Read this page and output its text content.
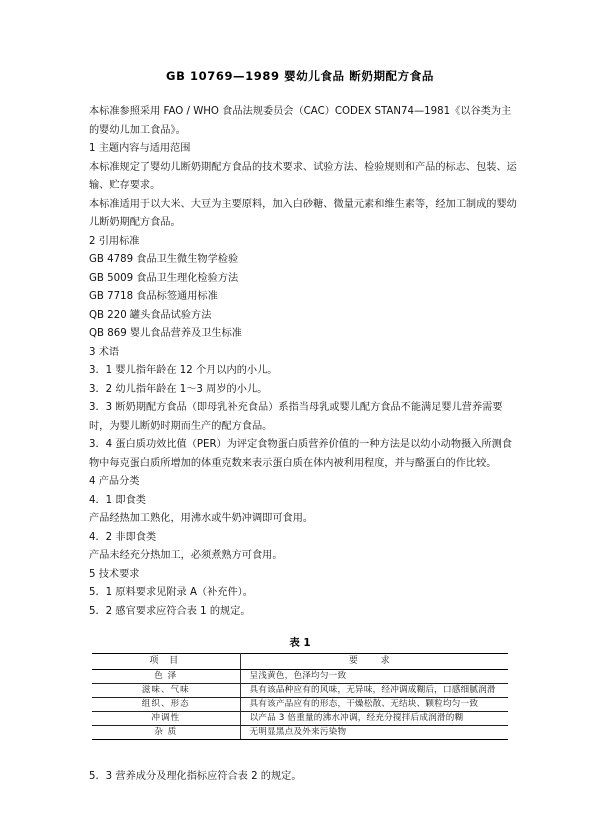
GB 10769—1989 婴幼儿食品 断奶期配方食品

本标准参照采用 FAO / WHO 食品法规委员会（CAC）CODEX STAN74—1981《以谷类为主的婴幼儿加工食品》。

1 主题内容与适用范围

本标准规定了婴幼儿断奶期配方食品的技术要求、试验方法、检验规则和产品的标志、包装、运输、贮存要求。

本标准适用于以大米、大豆为主要原料，加入白砂糖、微量元素和维生素等，经加工制成的婴幼儿断奶期配方食品。

2 引用标准

GB 4789 食品卫生微生物学检验

GB 5009 食品卫生理化检验方法

GB 7718 食品标签通用标准

QB 220 罐头食品试验方法

QB 869 婴儿食品营养及卫生标准

3 术语

3．1 婴儿指年龄在 12 个月以内的小儿。

3．2 幼儿指年龄在 1～3 周岁的小儿。

3．3 断奶期配方食品（即母乳补充食品）系指当母乳或婴儿配方食品不能满足婴儿营养需要时，为婴儿断奶时期而生产的配方食品。

3．4 蛋白质功效比值（PER）为评定食物蛋白质营养价值的一种方法是以幼小动物摄入所测食物中每克蛋白质所增加的体重克数来表示蛋白质在体内被利用程度，并与酪蛋白的作比较。

4 产品分类

4．1 即食类

产品经热加工熟化，用沸水或牛奶冲调即可食用。

4．2 非即食类

产品未经充分热加工，必须煮熟方可食用。

5 技术要求

5．1 原料要求见附录 A（补充件）。

5．2 感官要求应符合表 1 的规定。

表 1
项 目	要 求
色 泽	呈浅黄色，色泽均匀一致
滋味、气味	具有该品种应有的风味，无异味，经冲调成糊后，口感细腻润滑
组织、形态	具有该产品应有的形态，干燥松散、无结块、颗粒均匀一致
冲调性	以产品 3 倍重量的沸水冲调，经充分搅拌后成润滑的糊
杂 质	无明显黑点及外来污染物

5．3 营养成分及理化指标应符合表 2 的规定。
